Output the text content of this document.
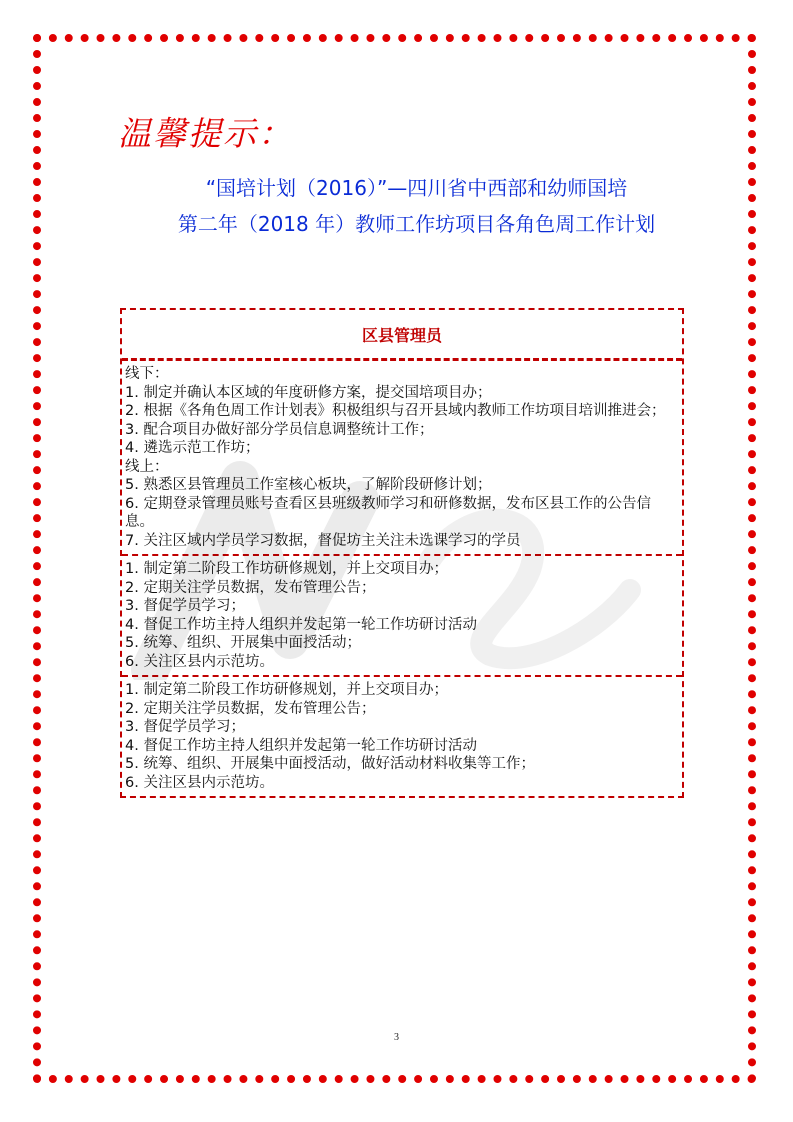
温馨提示：
“国培计划（2016）”—四川省中西部和幼师国培
第二年（2018 年）教师工作坊项目各角色周工作计划
区县管理员
线下：
1. 制定并确认本区域的年度研修方案，提交国培项目办；
2. 根据《各角色周工作计划表》积极组织与召开县域内教师工作坊项目培训推进会；
3. 配合项目办做好部分学员信息调整统计工作；
4. 遴选示范工作坊；
线上：
5. 熟悉区县管理员工作室核心板块，了解阶段研修计划；
6. 定期登录管理员账号查看区县班级教师学习和研修数据，发布区县工作的公告信息。
7. 关注区域内学员学习数据，督促坊主关注未选课学习的学员
1. 制定第二阶段工作坊研修规划，并上交项目办；
2. 定期关注学员数据，发布管理公告；
3. 督促学员学习；
4. 督促工作坊主持人组织并发起第一轮工作坊研讨活动
5. 统筹、组织、开展集中面授活动；
6. 关注区县内示范坊。
1. 制定第二阶段工作坊研修规划，并上交项目办；
2. 定期关注学员数据，发布管理公告；
3. 督促学员学习；
4. 督促工作坊主持人组织并发起第一轮工作坊研讨活动
5. 统筹、组织、开展集中面授活动，做好活动材料收集等工作；
6. 关注区县内示范坊。
3
